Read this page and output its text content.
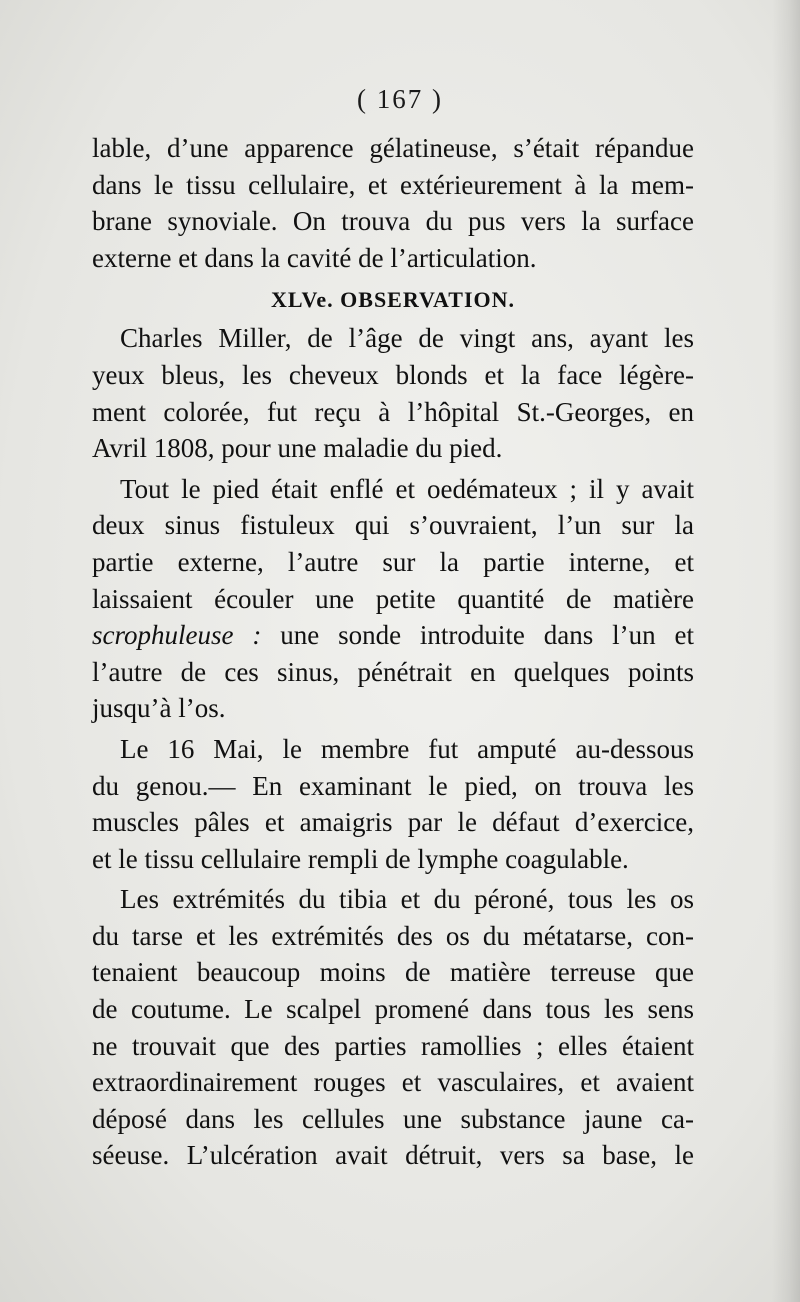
( 167 )
lable, d’une apparence gélatineuse, s’était répandue
dans le tissu cellulaire, et extérieurement à la mem-
brane synoviale. On trouva du pus vers la surface
externe et dans la cavité de l’articulation.
XLVe. OBSERVATION.
Charles Miller, de l’âge de vingt ans, ayant les
yeux bleus, les cheveux blonds et la face légère-
ment colorée, fut reçu à l’hôpital St.-Georges, en
Avril 1808, pour une maladie du pied.
Tout le pied était enflé et oedémateux ; il y avait
deux sinus fistuleux qui s’ouvraient, l’un sur la
partie externe, l’autre sur la partie interne, et
laissaient écouler une petite quantité de matière
scrophuleuse : une sonde introduite dans l’un et
l’autre de ces sinus, pénétrait en quelques points
jusqu’à l’os.
Le 16 Mai, le membre fut amputé au-dessous
du genou.— En examinant le pied, on trouva les
muscles pâles et amaigris par le défaut d’exercice,
et le tissu cellulaire rempli de lymphe coagulable.
Les extrémités du tibia et du péroné, tous les os
du tarse et les extrémités des os du métatarse, con-
tenaient beaucoup moins de matière terreuse que
de coutume. Le scalpel promené dans tous les sens
ne trouvait que des parties ramollies ; elles étaient
extraordinairement rouges et vasculaires, et avaient
déposé dans les cellules une substance jaune ca-
séeuse. L’ulcération avait détruit, vers sa base, le
